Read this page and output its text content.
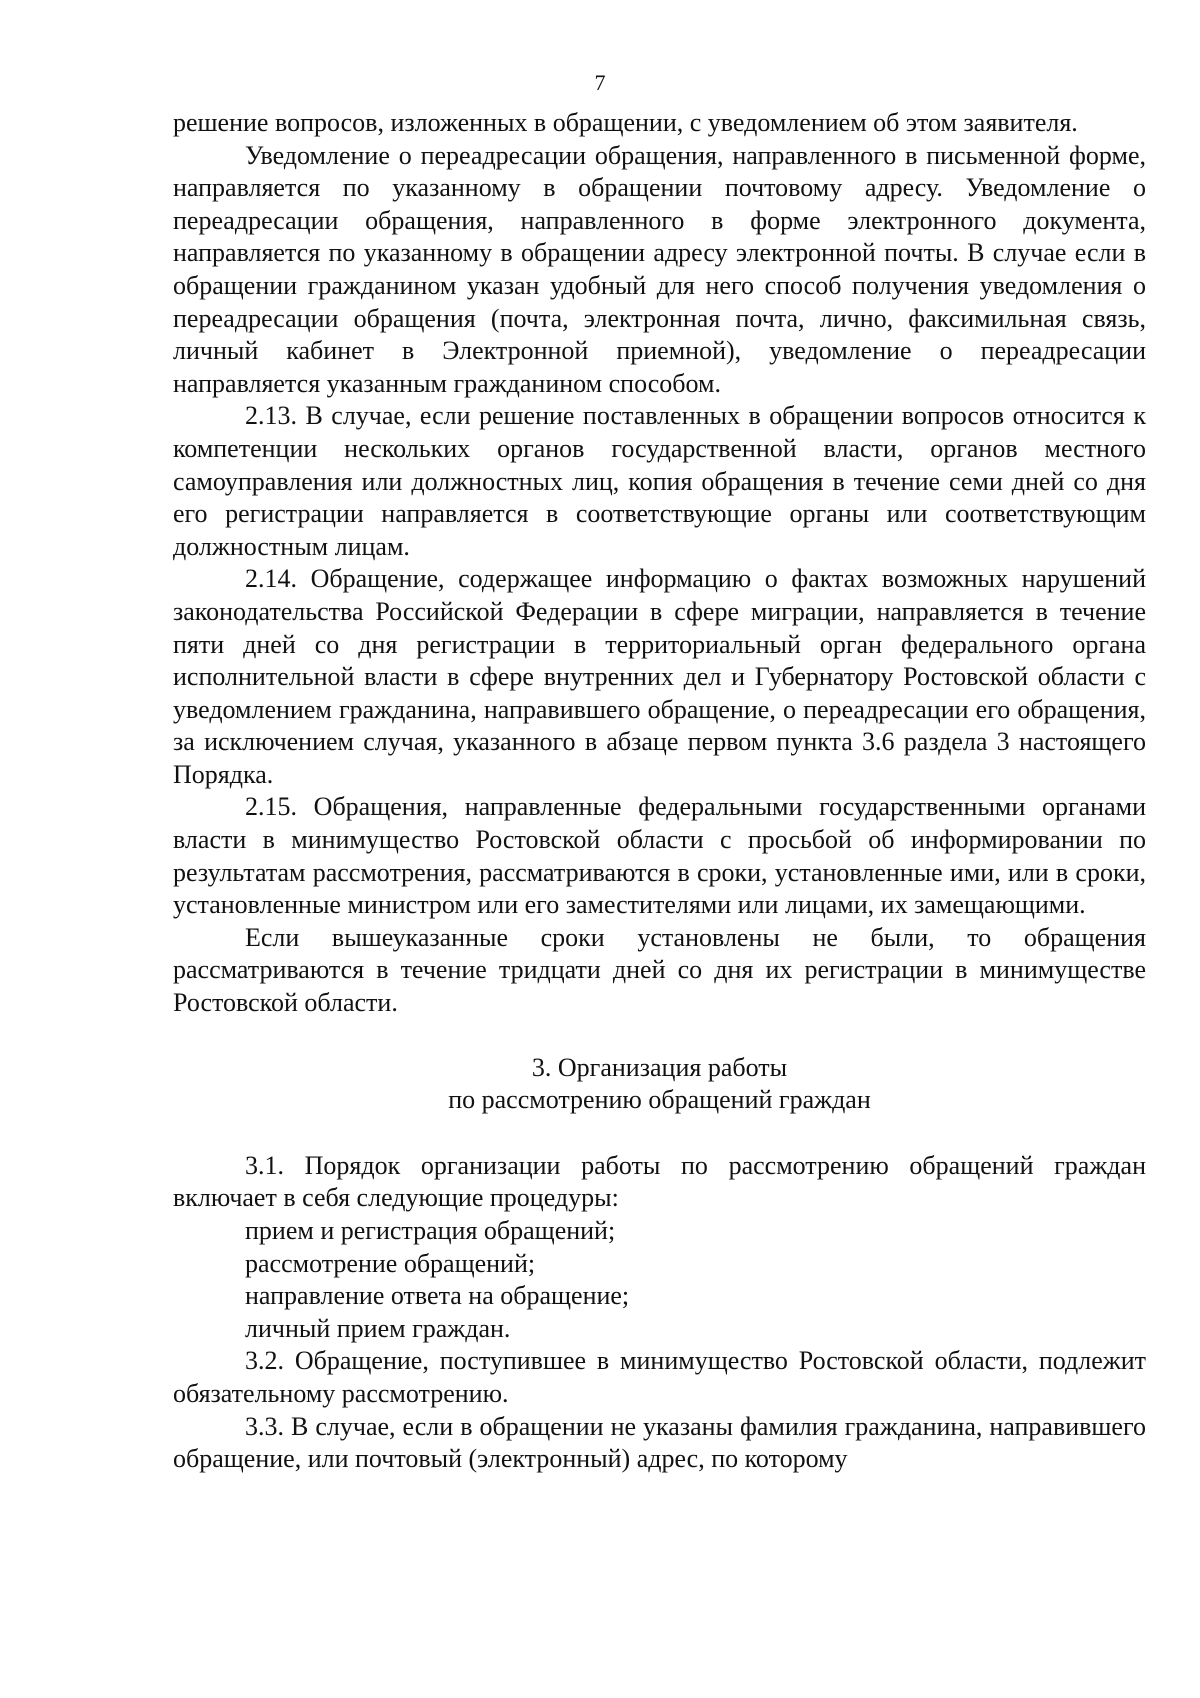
7

решение вопросов, изложенных в обращении, с уведомлением об этом заявителя.

Уведомление о переадресации обращения, направленного в письменной форме, направляется по указанному в обращении почтовому адресу. Уведомление о переадресации обращения, направленного в форме электронного документа, направляется по указанному в обращении адресу электронной почты. В случае если в обращении гражданином указан удобный для него способ получения уведомления о переадресации обращения (почта, электронная почта, лично, факсимильная связь, личный кабинет в Электронной приемной), уведомление о переадресации направляется указанным гражданином способом.

2.13. В случае, если решение поставленных в обращении вопросов относится к компетенции нескольких органов государственной власти, органов местного самоуправления или должностных лиц, копия обращения в течение семи дней со дня его регистрации направляется в соответствующие органы или соответствующим должностным лицам.

2.14. Обращение, содержащее информацию о фактах возможных нарушений законодательства Российской Федерации в сфере миграции, направляется в течение пяти дней со дня регистрации в территориальный орган федерального органа исполнительной власти в сфере внутренних дел и Губернатору Ростовской области с уведомлением гражданина, направившего обращение, о переадресации его обращения, за исключением случая, указанного в абзаце первом пункта 3.6 раздела 3 настоящего Порядка.

2.15. Обращения, направленные федеральными государственными органами власти в минимущество Ростовской области с просьбой об информировании по результатам рассмотрения, рассматриваются в сроки, установленные ими, или в сроки, установленные министром или его заместителями или лицами, их замещающими.

Если вышеуказанные сроки установлены не были, то обращения рассматриваются в течение тридцати дней со дня их регистрации в минимуществе Ростовской области.

3. Организация работы
по рассмотрению обращений граждан

3.1. Порядок организации работы по рассмотрению обращений граждан включает в себя следующие процедуры:

прием и регистрация обращений;

рассмотрение обращений;

направление ответа на обращение;

личный прием граждан.

3.2. Обращение, поступившее в минимущество Ростовской области, подлежит обязательному рассмотрению.

3.3. В случае, если в обращении не указаны фамилия гражданина, направившего обращение, или почтовый (электронный) адрес, по которому
